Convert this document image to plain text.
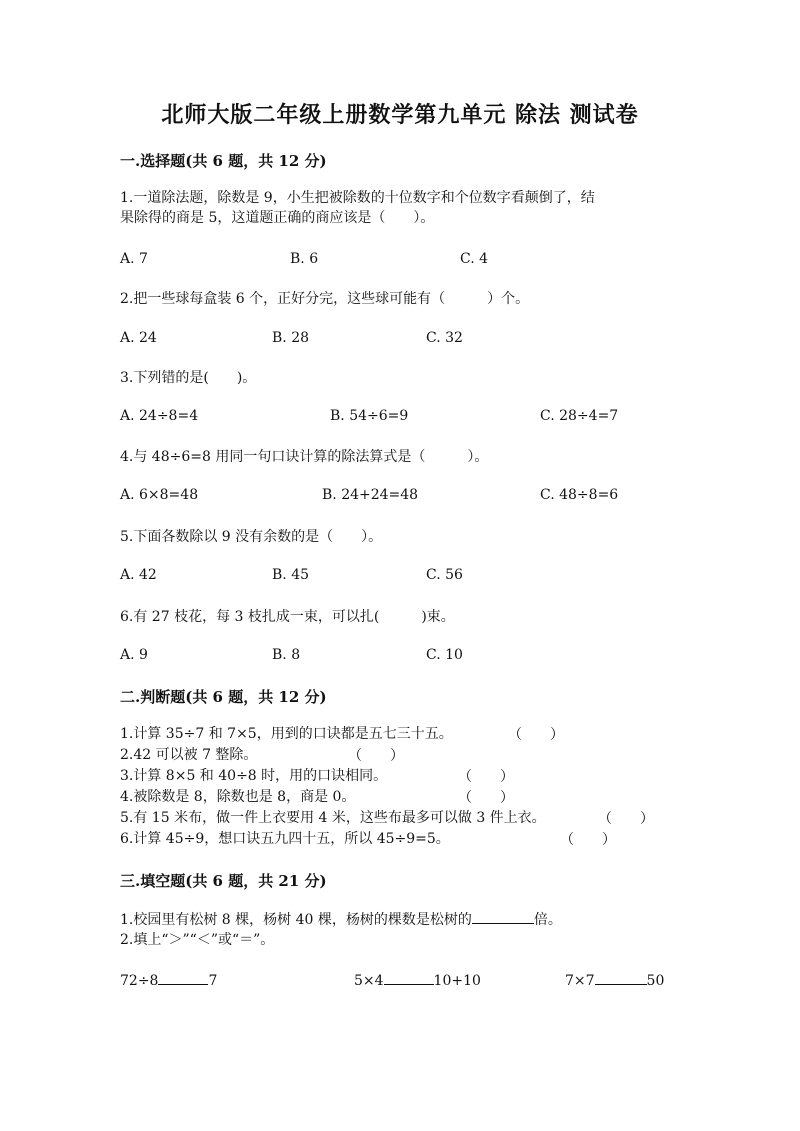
北师大版二年级上册数学第九单元 除法 测试卷
一.选择题(共 6 题，共 12 分)
1.一道除法题，除数是 9，小生把被除数的十位数字和个位数字看颠倒了，结
果除得的商是 5，这道题正确的商应该是（　　）。
A. 7	B. 6	C. 4
2.把一些球每盒装 6 个，正好分完，这些球可能有（　　　）个。
A. 24	B. 28	C. 32
3.下列错的是(　　)。
A. 24÷8=4	B. 54÷6=9	C. 28÷4=7
4.与 48÷6=8 用同一句口诀计算的除法算式是（　　　）。
A. 6×8=48	B. 24+24=48	C. 48÷8=6
5.下面各数除以 9 没有余数的是（　　）。
A. 42	B. 45	C. 56
6.有 27 枝花，每 3 枝扎成一束，可以扎(　　　)束。
A. 9	B. 8	C. 10
二.判断题(共 6 题，共 12 分)
1.计算 35÷7 和 7×5，用到的口诀都是五七三十五。	（　　）
2.42 可以被 7 整除。	（　　）
3.计算 8×5 和 40÷8 时，用的口诀相同。	（　　）
4.被除数是 8，除数也是 8，商是 0。	（　　）
5.有 15 米布，做一件上衣要用 4 米，这些布最多可以做 3 件上衣。	（　　）
6.计算 45÷9，想口诀五九四十五，所以 45÷9=5。	（　　）
三.填空题(共 6 题，共 21 分)
1.校园里有松树 8 棵，杨树 40 棵，杨树的棵数是松树的	倍。
2.填上“＞”“＜”或“＝”。
72÷8	7	5×4	10+10	7×7	50
